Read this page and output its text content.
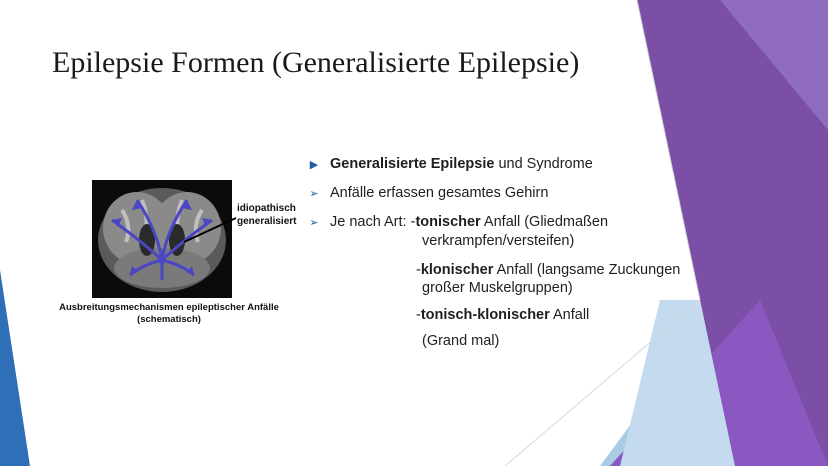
Epilepsie Formen (Generalisierte Epilepsie)
idiopathisch
generalisiert
Ausbreitungsmechanismen epileptischer Anfälle
(schematisch)
▶ Generalisierte Epilepsie und Syndrome
➢ Anfälle erfassen gesamtes Gehirn
➢ Je nach Art: -tonischer Anfall (Gliedmaßen
verkrampfen/versteifen)
-klonischer Anfall (langsame Zuckungen
großer Muskelgruppen)
-tonisch-klonischer Anfall
(Grand mal)
